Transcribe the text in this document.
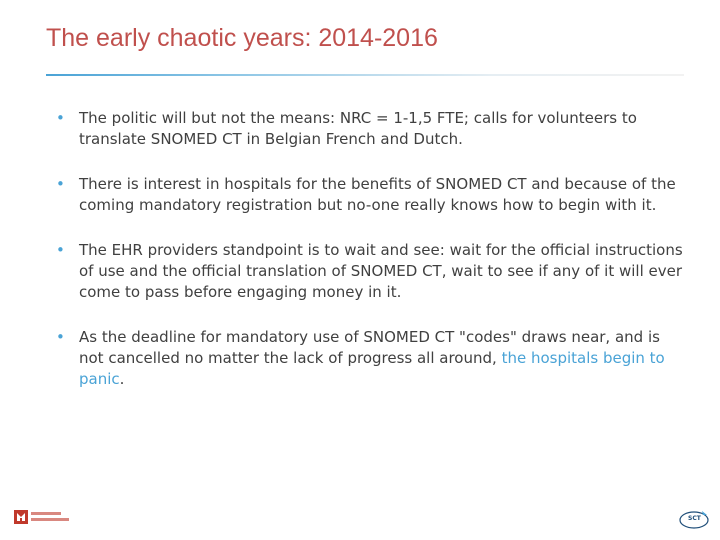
The early chaotic years: 2014-2016
• The politic will but not the means: NRC = 1-1,5 FTE; calls for volunteers to translate SNOMED CT in Belgian French and Dutch.
• There is interest in hospitals for the benefits of SNOMED CT and because of the coming mandatory registration but no-one really knows how to begin with it.
• The EHR providers standpoint is to wait and see: wait for the official instructions of use and the official translation of SNOMED CT, wait to see if any of it will ever come to pass before engaging money in it.
• As the deadline for mandatory use of SNOMED CT "codes" draws near, and is not cancelled no matter the lack of progress all around, the hospitals begin to panic.
SCT
